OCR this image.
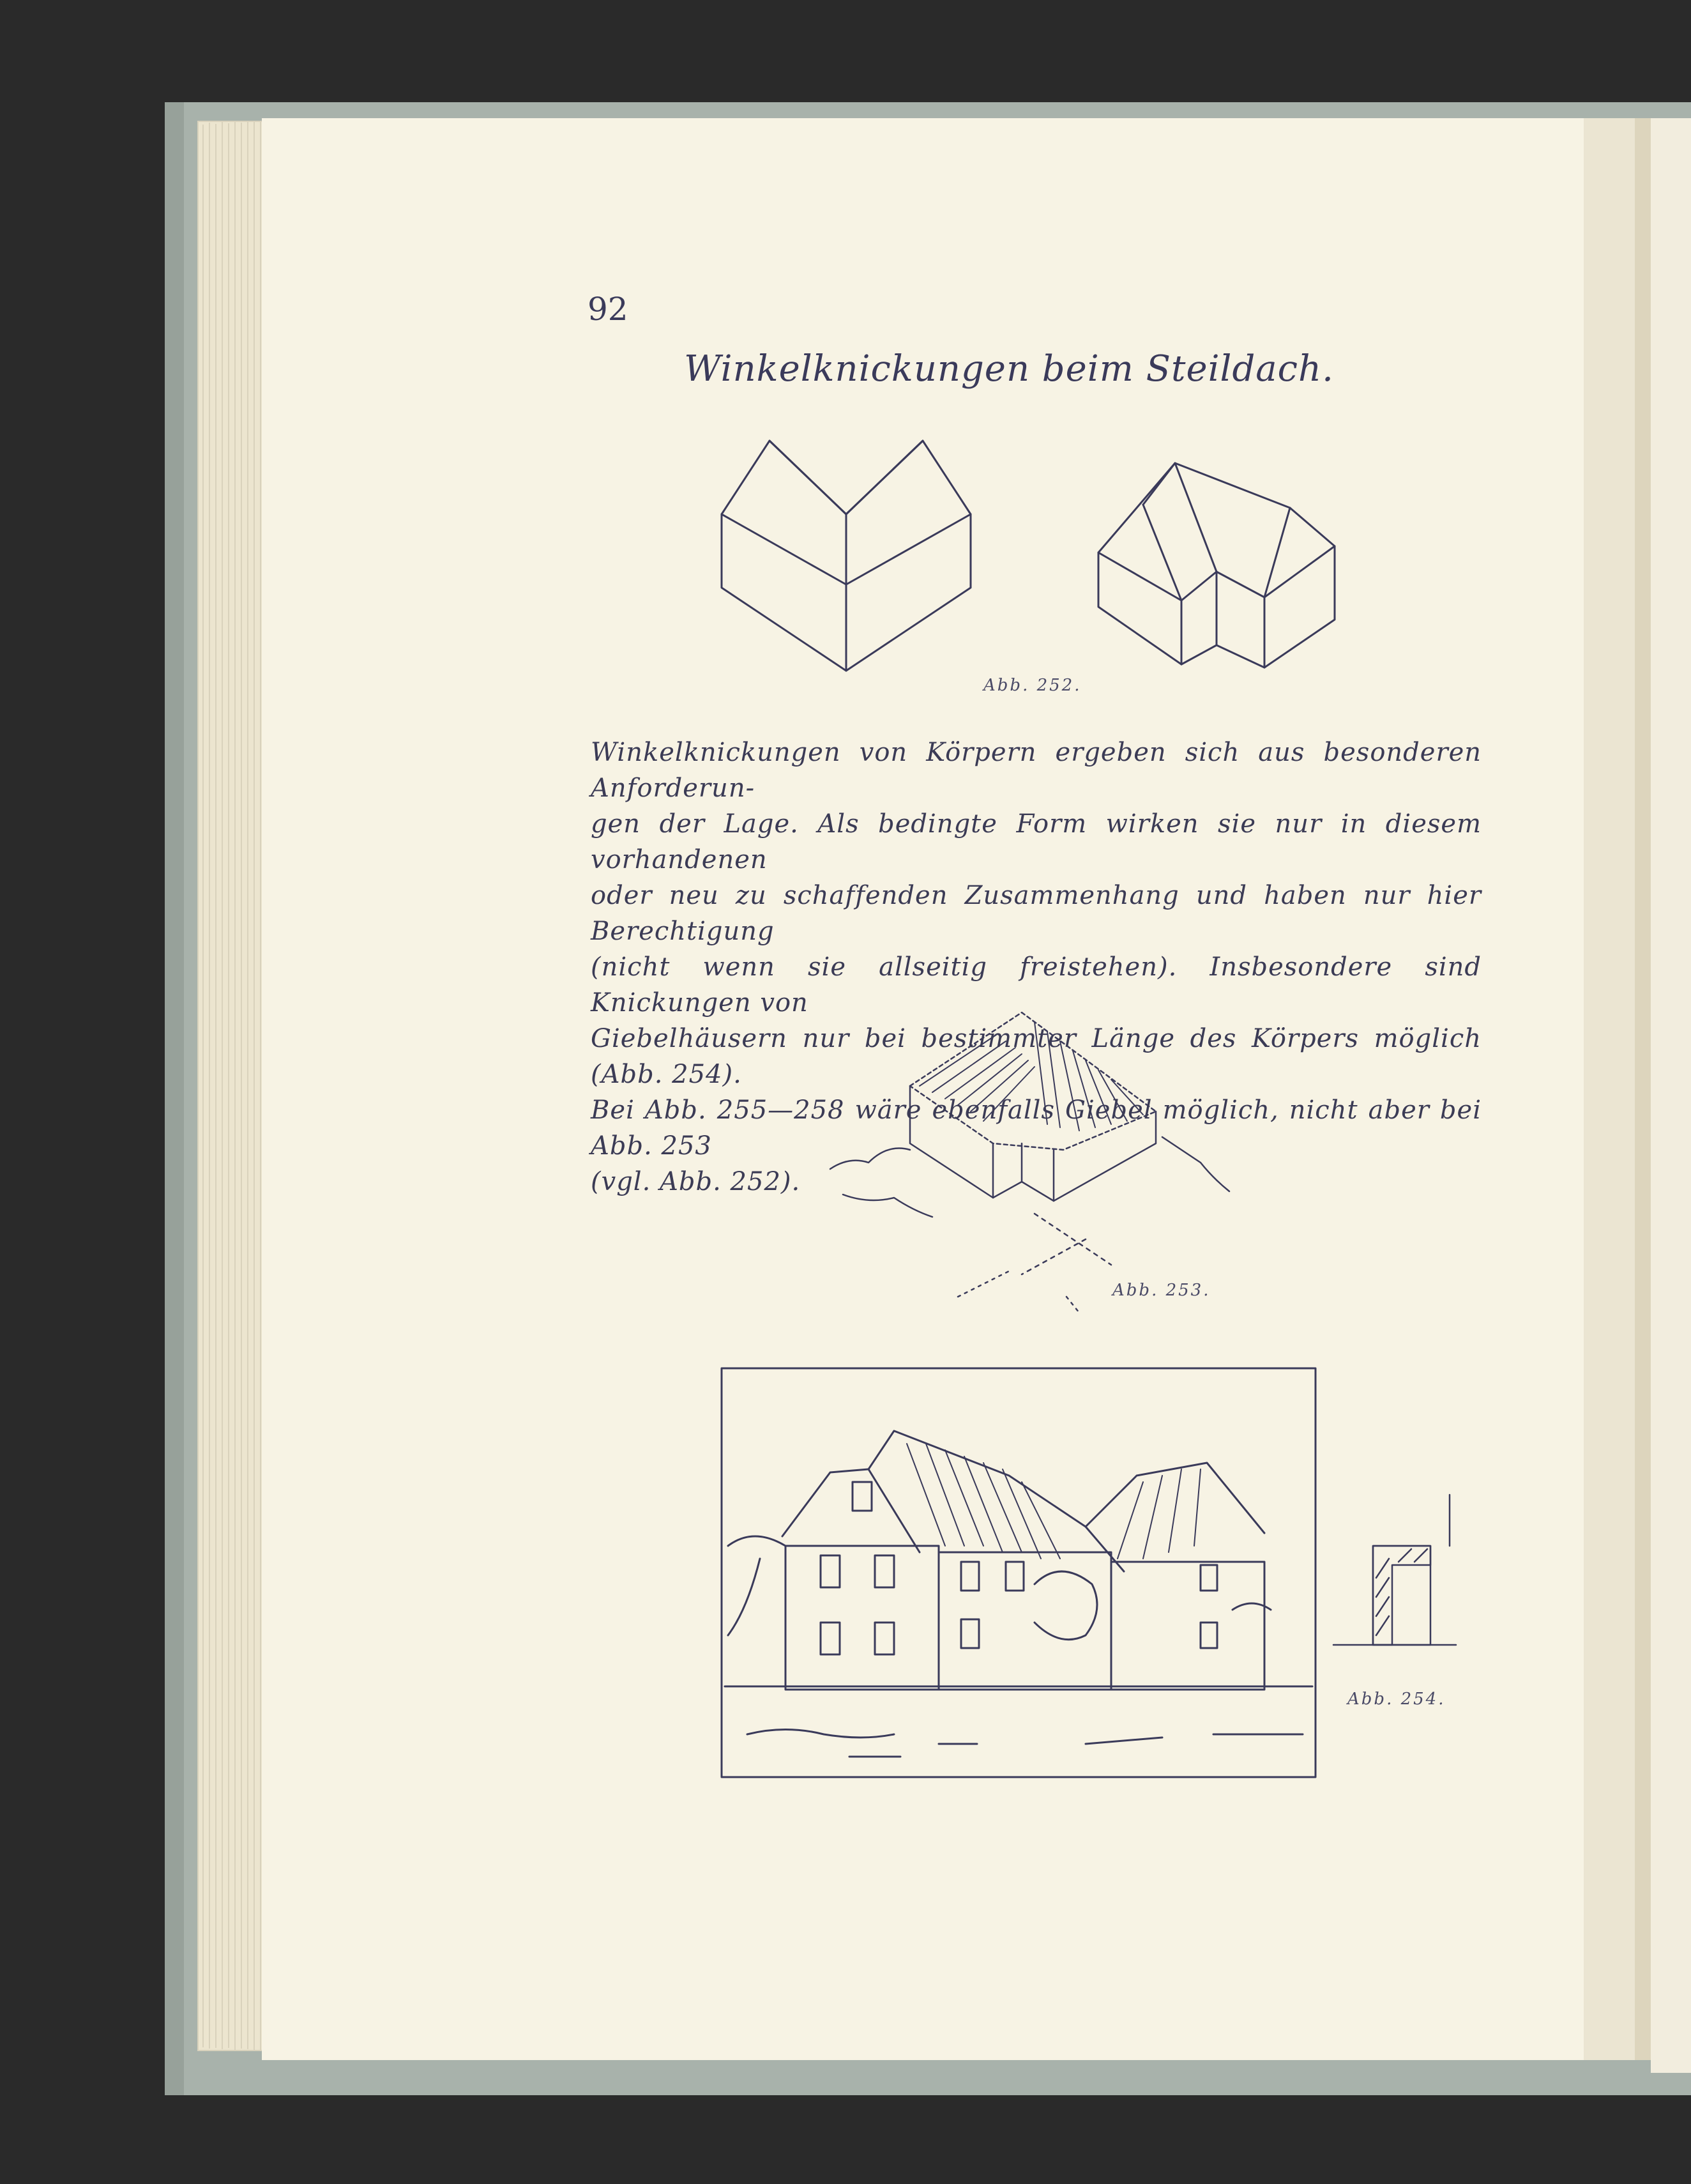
92
Winkelknickungen beim Steildach.
Winkelknickungen von Körpern ergeben sich aus besonderen Anforderun-
gen der Lage. Als bedingte Form wirken sie nur in diesem vorhandenen
oder neu zu schaffenden Zusammenhang und haben nur hier Berechtigung
(nicht wenn sie allseitig freistehen). Insbesondere sind Knickungen von
Giebelhäusern nur bei bestimmter Länge des Körpers möglich (Abb. 254).
Bei Abb. 255—258 wäre ebenfalls Giebel möglich, nicht aber bei Abb. 253
(vgl. Abb. 252).
Abb. 252.
Abb. 253.
Abb. 254.
